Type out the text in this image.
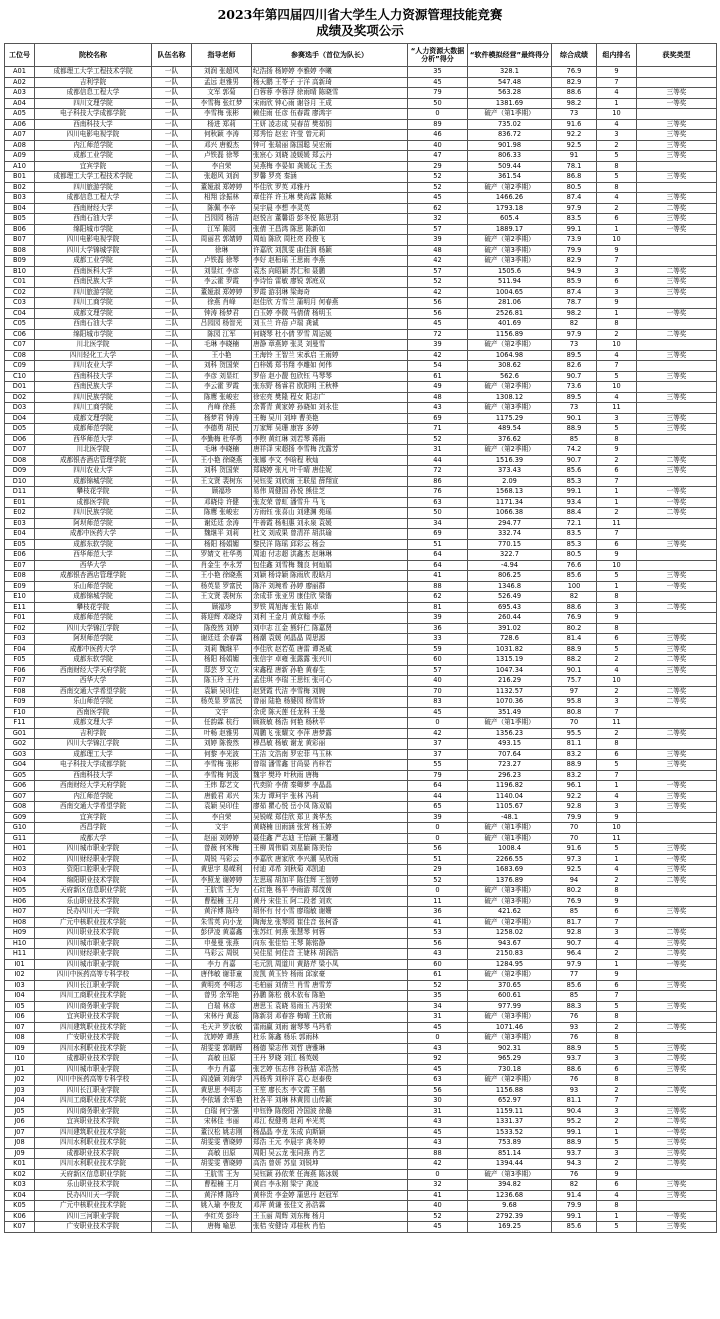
2023年第四届四川省大学生人力资源管理技能竞赛
成绩及奖项公示
工位号	院校名称	队伍名称	指导老师	参赛选手（首位为队长）	“人力资源大数据分析”得分	“软件模拟经营”最终得分	综合成绩	组内排名	获奖类型
A01	成都理工大学工程技术学院	一队	刘润 张超风	纪浩扬 杨婷婷 李雅婷 李曦	35	328.1	76.9	9	
A02	吉利学院	一队	孟远 赵雅男	杨天鹏 王苓子 于洋 高新琦	45	547.48	82.9	7	
A03	成都信息工程大学	一队	文军 郭菊	白蓉蓉 李蓉浮 徐雨晴 陈晓雪	79	563.28	88.6	4	三等奖
A04	四川文理学院	一队	李雪梅 张红梦	宋雨欣 钟心雨 谢谷月 王成	50	1381.69	98.2	1	一等奖
A05	电子科技大学成都学院	一队	李雪梅 张彬	赖佳雨 任彦 伍春霞 廖鸿宇	0	破产（第1季期）	73	10	
A06	西南科技大学	一队	杨进 郑莉	王妍 凌志成 吴春苗 樊茹钥	89	735.02	91.6	4	三等奖
A07	四川电影电视学院	一队	何秋颖 李涛	郑秀怡 赵宏 许莹 曾元莉	46	836.72	92.2	3	三等奖
A08	内江师范学院	一队	邓兴 唐毅杰	钟可 张瑞丽 陈国聪 吴宏雨	40	901.98	92.5	2	三等奖
A09	成都工业学院	一队	卢铁磊 徐琴	张宸心 刘晓 凌媛媛 郑云丹	47	806.33	91	5	三等奖
A10	宜宾学院	一队	李自荣	吴燕梅 李晏如 龚媛玩 王杰	29	509.44	78.1	8	
B01	成都理工大学工程技术学院	二队	张超风 刘润	罗馨 罗亮 秦涵	52	361.54	86.8	5	三等奖
B02	四川旅游学院	一队	董娅淑 郑婷婷	毕佳欣 罗英 邓雅丹	52	破产（第2季期）	80.5	8	
B03	成都信息工程大学	二队	相翔 涂振林	章佳祥 许玉琳 樊尚霖 陈稣	45	1466.26	87.4	4	三等奖
B04	西南财经大学	一队	陈佩 李辛	吴宇晨 李想 李灵英	62	1793.18	97.9	2	二等奖
B05	西南石油大学	一队	吕园园 杨洁	赵悦言 董馨语 彭冬悦 陈思羽	32	605.4	83.5	6	三等奖
B06	绵阳城市学院	一队	江军 陈园	张倩 王昌鸿 陈思 陈新如	57	1889.17	99.1	1	一等奖
B07	四川电影电视学院	二队	周丽君 郭婧婷	周灿 陈欣 周杜亮 段俊飞	39	破产（第2季期）	73.9	10	
B08	四川大学锦城学院	一队	徐琳	许嘉欣 刘凯雯 曲佳润 杨颖	48	破产（第3季期）	79.9	9	
B09	成都工业学院	二队	卢铁磊 徐琴	李好 赵桓瑶 王思雨 李燕	42	破产（第3季期）	82.9	7	
B10	西南医科大学	一队	刘显红 李彦	袁杰 向昭颖 苏仁和 聂鹏	57	1505.6	94.9	3	二等奖
C01	西南民族大学	一队	李云霍 罗霞	李诗怡 雷敏 廖锐 郭庭双	52	511.94	85.9	6	三等奖
C02	四川旅游学院	二队	董娅淑 郑婷婷	罗霞 游羽琳 梁诲奇	42	1004.65	87.4	3	三等奖
C03	四川工商学院	一队	徐燕 肖峰	赵佳欣 方雪兰 蒲明月 何春燕	56	281.06	78.7	9	
C04	成都文理学院	一队	钟涛 杨梦君	白玉婷 李微 马倩倩 杨明玉	56	2526.81	98.2	1	一等奖
C05	西南石油大学	二队	吕园园 杨智光	刘玉兰 许蓓 卢瑞 龚诚	45	401.69	82	8	
C06	绵阳城市学院	二队	陈园 江军	何晓琴 杜小倩 罗雪 周运媛	72	1156.89	97.9	2	二等奖
C07	川北医学院	一队	毛琳 李晓楠	唐静 章燕婷 张灵 刘曼雪	39	破产（第2季期）	73	10	
C08	四川轻化工大学	一队	王小艳	王海铃 王智兰 宋承启 王雨婷	42	1064.98	89.5	4	三等奖
C09	四川农业大学	一队	刘科 贺国荣	白梓嫣 郑书翔 李雕如 何伟	54	308.62	82.6	7	
C10	西南科技大学	二队	李彦 刘显红	罗倍 赵小靓 包欣钰 马琴琴	61	562.6	90.7	5	三等奖
D01	西南民族大学	二队	李云霍 罗霞	张东野 杨睿君 欧阳明 王秋桦	49	破产（第2季期）	73.6	10	
D02	四川民族学院	一队	陈鹰 张峻宏	徐宏亮 樊隆 程女 阳志广	48	1308.12	89.5	4	三等奖
D03	四川工商学院	二队	肖峰 徐燕	余菁青 黄家婷 孙晓如 刘永佳	43	破产（第3季期）	73	11	
D04	成都文理学院	二队	杨梦君 钟涛	王梅 吴川 刘坤 曹美艳	69	1175.29	90.1	3	三等奖
D05	成都师范学院	一队	李德勇 胡民	万家辉 吴珊 康容 多婷	71	489.54	88.9	5	三等奖
D06	西华师范大学	一队	李勤梅 杜华勇	李煦 黄红琳 刘若琴 蒋雨	52	376.62	85	8	
D07	川北医学院	二队	毛琳 李晓楠	唐祥泽 宋超扬 李雪梅 沈露芳	31	破产（第2季期）	74.2	9	
D08	成都银杏酒店管理学院	一队	王小艳 徐晓燕	张娜 李文 李晗程 秋灿	44	1516.39	90.7	2	二等奖
D09	四川农业大学	二队	刘科 贺国荣	郑晓婷 张凡 叶千晴 唐佳妮	72	373.43	85.6	6	三等奖
D10	成都锦城学院	一队	王文贤 裴树东	吴钰雯 刘欣雨 王联星 薛翔宣	86	2.09	85.3	7	
D11	攀枝花学院	一队	顾福珍	易伟 周健国 孙悦 熊佳芝	76	1568.13	99.1	1	一等奖
E01	成都医学院	一队	邓晓侍 许健	张友荣 曾虹 潘雪升 马飞	63	1171.34	93.4	1	一等奖
E02	四川民族学院	二队	陈鹰 张峻宏	方雨钰 张喜山 刘建渊 苑瑶	50	1066.38	88.4	2	二等奖
E03	阿坝师范学院	一队	谢廷廷 余涛	牛善霞 杨相惠 刘永泉 袁媛	34	294.77	72.1	11	
E04	成都中医药大学	一队	魏继平 刘莉	杜文 刘成果 曾清祥 胡洪瑜	69	332.74	83.5	7	
E05	成都东软学院	一队	杨阳 杨娟媚	黎民洋 陈瑶 邱彩云 杨会	51	770.15	85.3	6	三等奖
E06	西华师范大学	二队	罗婧文 杜华勇	周迪 付志超 洪鑫杰 赵琳琳	64	322.7	80.5	9	
E07	西华大学	一队	肖金生 李永芳	包佳鑫 刘雪梅 魏良 何灿娟	64	-4.94	76.6	10	
E08	成都银杏酒店管理学院	二队	王小艳 徐晓燕	刘颖 杨诗颖 陈雨欣 殷晗月	41	806.25	85.6	5	三等奖
E09	乐山师范学院	一队	杨英显 罗富民	陈洋 刘琬希 孙婷 廖丽群	88	1346.8	100	1	一等奖
E10	成都锦城学院	二队	王文贤 裴树东	余成菲 张亚男 康佳欣 梁锴	62	526.49	82	8	
E11	攀枝花学院	二队	顾福珍	罗铁 周旭海 张怡 陈卓	81	695.43	88.6	3	二等奖
F01	成都师范学院	二队	蒋迎辉 邓晓诗	刘利 王金月 黄京翰 李乐	39	260.44	76.9	9	
F02	四川大学锦江学院	一队	陈俊然 刘婷	刘申志 江金 熊轩仁 陈嘉贤	36	391.02	80.2	8	
F03	阿坝师范学院	二队	谢廷廷 余春霖	杨潮 袁媛 何晶晶 周思源	33	728.6	81.4	6	三等奖
F04	成都中医药大学	二队	刘莉 魏继平	李佳欣 赵若菟 唐雷 谭尧威	59	1031.82	88.9	5	三等奖
F05	成都东软学院	二队	杨阳 杨娟媚	张信宇 卓雍 张露露 张兴川	60	1315.19	88.2	2	二等奖
F06	西南财经大学天府学院	一队	邸芸 罗文立	宋鑫程 唐新 孙艳 黄春生	57	1047.34	90.1	4	三等奖
F07	西华大学	二队	陈玉玲 王丹	孟佳琪 李瑞 王思钰 张可心	40	216.29	75.7	10	
F08	西南交通大学希望学院	一队	袁颖 吴印佳	赵贤霞 代洁 李雪梅 刘婉	70	1132.57	97	2	二等奖
F09	乐山师范学院	二队	杨英显 罗富民	曾丽 陆艳 杨婆园 杨雪娇	83	1070.36	95.8	3	二等奖
F10	西南医学院	一队	文宇	余虎 陈天莲 任龙科 王曼	45	351.49	80.8	7	
F11	成都文理大学	一队	任韵霖 杭行	顾筱敏 杨浩 何艳 杨秋平	0	破产（第1季期）	70	11	
G01	吉利学院	二队	叶畅 赵雅男	周鹏飞 张耀文 李萍 唐梦露	42	1356.23	95.5	2	二等奖
G02	四川大学锦江学院	二队	刘婷 陈俊然	穆昌敏 杨敏 谢龙 黄彩丽	37	493.15	81.1	8	
G03	成都理工大学	一队	何黎 李光波	王洁 文浩南 罗宏菲 马玉林	37	707.64	83.2	6	三等奖
G04	电子科技大学成都学院	二队	李雪梅 张彬	曾瑞 潘雪鑫 甘尚晏 肖梓若	55	723.27	88.9	5	三等奖
G05	西南科技大学	一队	李雪梅 何汲	魏宇 樊玲 叶秋雨 唐梅	79	296.23	83.2	7	
G06	西南财经大学天府学院	二队	王炜 邸艺文	代奕阶 李倩 秦卿梦 李晶晶	64	1196.82	96.1	1	一等奖
G07	内江师范学院	二队	唐毅君 邓兴	朱力 谭珂宇 张林 冯莉	44	1140.04	92.2	4	三等奖
G08	西南交通大学希望学院	二队	袁颖 吴印佳	廖茹 瞿心悦 岳小凤 陈双娟	65	1105.67	92.8	3	三等奖
G09	宜宾学院	二队	李自荣	吴锐嵘 郑佳欣 郑卫 龚华杰	39	-48.1	79.9	9	
G10	西昌学院	一队	文宇	黄晓楠 田雨涵 张营 杨玉婷	0	破产（第1季期）	70	10	
G11	成都大学	一队	赵丽 刘婷婷	聂佳鑫 严志迪 王怡颖 王馨瑾	0	破产（第1季期）	70	11	
H01	四川城市职业学院	一队	曾薇 何米梅	王柳 周伟娟 刘星颖 陈美怡	56	1008.4	91.6	5	三等奖
H02	四川财经职业学院	一队	周锐 马彩云	李嘉欣 唐家欣 李兴潮 吴欣雨	51	2266.55	97.3	1	一等奖
H03	资阳口腔职业学院	一队	黄思宇 易嵘利	付迪 邓希 刘秋菊 邓凯迪	29	1683.69	92.5	4	三等奖
H04	绵阳职业技术学院	一队	李照龙 谢婷婷	左思瑶 胡加平 陈佳辉 王智婷	52	1376.89	94	2	二等奖
H05	天府新区信息职业学院	一队	王肮雪 王为	石红艳 杨平 李雨游 郑茂茵	0	破产（第3季期）	80.2	8	
H06	乐山职业技术学院	一队	曹程楠 王月	黄丹 宋佳玉 阿二段者 刘欢	11	破产（第3季期）	76.9	9	
H07	民办四川天一学院	一队	黄洋博 陈玲	胡怀有 付小雪 廖瑞敏 谢姗	36	421.62	85	6	三等奖
H08	广元中核职业技术学院	一队	朱雪英 向小龙	陶海龙 张琴园 崔佳音 张柯香	41	破产（第2季期）	81.7	7	
H09	四川职业技术学院	一队	彭伊凌 黄嘉鑫	张苏红 何燕 张慧琴 何蓉	53	1258.02	92.8	3	二等奖
H10	四川城市职业学院	二队	申曼曼 张燕	向东 张佳怡 王琴 陈铭静	56	943.67	90.7	4	三等奖
H11	四川财经职业学院	二队	马彩云 周锐	吴佳星 何佳音 王婕林 胡润浩	43	2150.83	96.4	2	二等奖
I01	四川城市职业学院	一队	李力 肖嘉	毛元凯 周道川 黄路芹 梁小凤	60	1284.95	97.9	1	一等奖
I02	四川中医药高等专科学校	一队	唐伟敏 谢菲童	庞凯 黄玉铃 杨雨 邱家豪	61	破产（第2季期）	77	9	
I03	四川长江职业学院	一队	黄明亮 李明志	毛柏丽 刘倩兰 肖雪 唐雪芳	52	370.65	85.6	6	三等奖
I04	四川工商职业技术学院	一队	曾男 余军艳	孙鹏 陈松 俄木依布 陈艳	35	600.61	85	7	
I05	四川商务职业学院	二队	白瑞 林彦	唐思玉 袁晓 易雨玉 冯羽荣	34	977.99	88.3	5	三等奖
I06	宜宾职业技术学院	一队	宋林丹 黄蕊	陈新羽 邓春容 梅晴 王欣雨	31	破产（第3季期）	76	8	
I07	四川建筑职业技术学院	一队	毛天尹 罗汝敏	雷雨赢 刘雨 谢琴琴 马玛希	45	1071.46	93	2	二等奖
I08	广安职业技术学院	一队	沈婷婷 谭燕	杜乐 陈鑫 杨乐 郭雨林	0	破产（第3季期）	76	8	
I09	四川水利职业技术学院	一队	胡雯雯 郭朝晖	杨德 梁志伟 刘哲 唐雅琳	43	902.31	88.9	5	三等奖
I10	成都职业技术学院	一队	高敏 田原	王丹 罗晓 刘江 杨英媛	92	965.29	93.7	3	二等奖
J01	四川城市职业学院	二队	李力 肖嘉	张艺婷 伍志伟 谷秋喆 邓浩然	45	730.18	88.6	6	三等奖
J02	四川中医药高等专科学校	二队	阎凌颖 刘海学	冯杨秀 刘梓洋 袁心 赵泰俊	63	破产（第2季期）	76	8	
J03	四川长江职业学院	二队	黄思思 李明志	王笙 廖长杰 李文霞 王楷	56	1156.88	93	2	二等奖
J04	四川工商职业技术学院	二队	李依璠 余军艳	杜各平 刘琳 林黄园 山传颖	30	652.97	81.1	7	
J05	四川商务职业学院	二队	白瑞 何宁强	申钰铮 陈俊阳 冷国波 徐璐	31	1159.11	90.4	3	三等奖
J06	宜宾职业技术学院	二队	宋林佳 韦丽	邓江 倪健勇 赵莉 牟光英	43	1331.37	95.2	2	二等奖
J07	四川建筑职业技术学院	二队	董汉松 姚志刚	杨晶晶 李龙 朱成 向斯颖	45	1533.52	99.1	1	一等奖
J08	四川水利职业技术学院	二队	胡雯雯 曹晓婷	郑浩 王元 李晨宇 龚冬婷	43	753.89	88.9	5	三等奖
J09	成都职业技术学院	二队	高敏 田原	周阳 吴云龙 张同燕 肖艺	88	851.14	93.7	3	三等奖
K01	四川水利职业技术学院	一队	胡雯雯 曹晓婷	高浩 曾妍 苏皇 刘锐坤	42	1394.44	94.3	2	二等奖
K02	天府新区信息职业学院	二队	王肮雪 王为	吴钰颖 孙依茉 任海燕 陈冰媛	0	破产（第3季期）	76	9	
K03	乐山职业技术学院	二队	曹程楠 王月	黄启 李永刚 梁宁 龚凌	32	394.82	82	6	三等奖
K04	民办四川天一学院	二队	黄洋博 陈玲	黄梓贵 李金婷 蒲思丹 赵冠军	41	1236.68	91.4	4	三等奖
K05	广元中核职业技术学院	二队	姚入瑜 李俊友	邓萍 黄谦 张佳文 孙浩霖	40	9.68	79.9	8	
K06	四川三河职业学院	一队	李红英 彭玲	王玉丽 周辉 刘东梅 杨月	52	2792.39	99.1	1	一等奖
K07	广安职业技术学院	二队	唐梅 喻思	张桔 安健诗 邓桂秋 肖怡	45	169.25	85.6	5	三等奖
